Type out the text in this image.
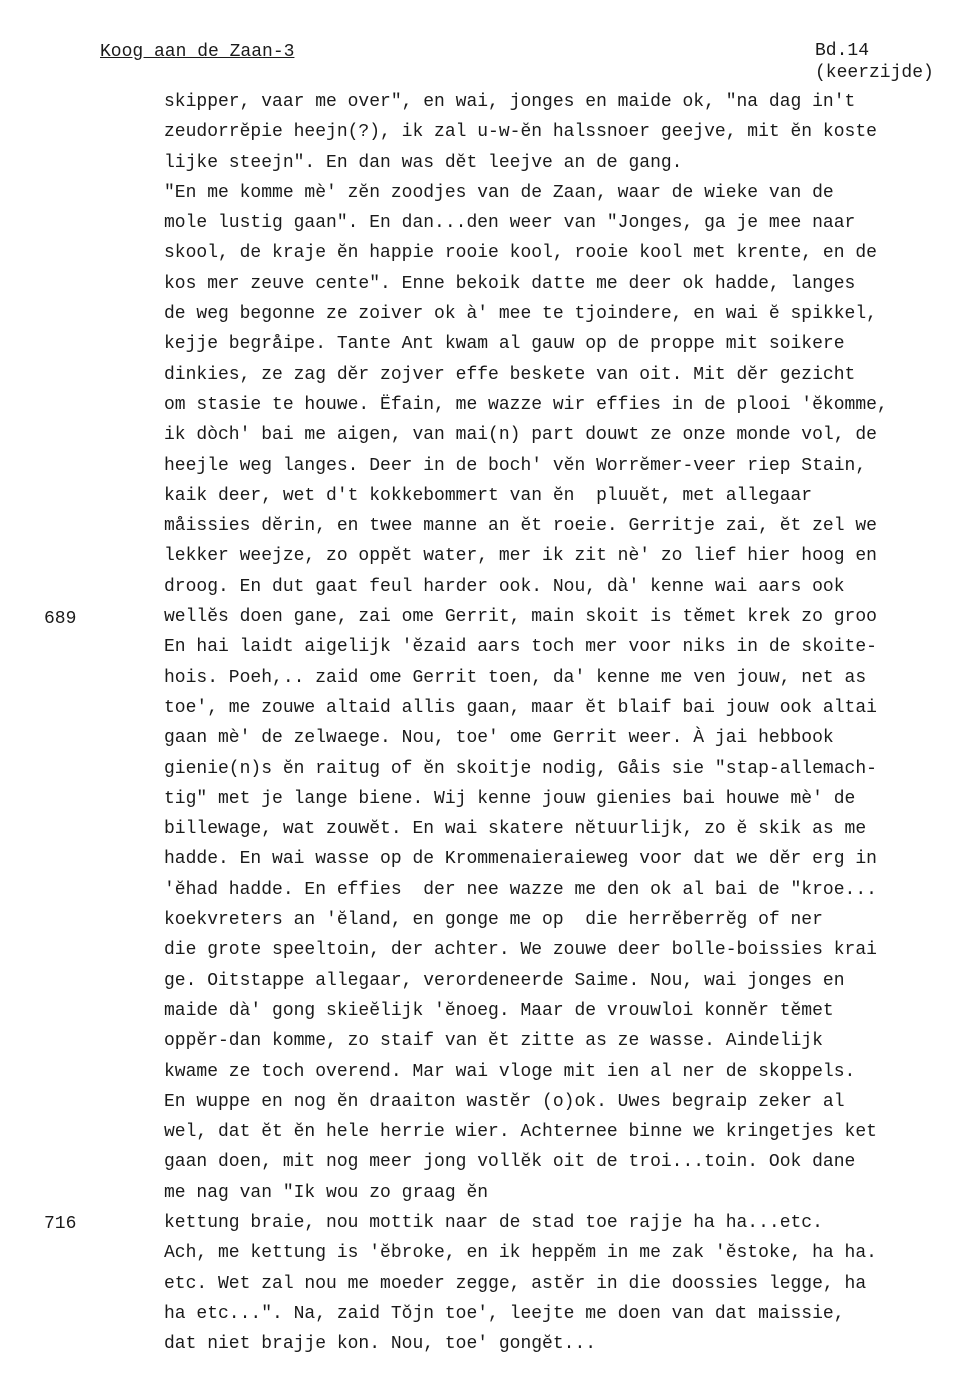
Koog aan de Zaan-3	Bd.14
(keerzijde)
689
716
skipper, vaar me over", en wai, jonges en maide ok, "na dag in't
zeudorrĕpie heejn(?), ik zal u-w-ĕn halssnoer geejve, mit ĕn koste
lijke steejn". En dan was dĕt leejve an de gang.
"En me komme mè' zĕn zoodjes van de Zaan, waar de wieke van de
mole lustig gaan". En dan...den weer van "Jonges, ga je mee naar
skool, de kraje ĕn happie rooie kool, rooie kool met krente, en de
kos mer zeuve cente". Enne bekoik datte me deer ok hadde, langes
de weg begonne ze zoiver ok à' mee te tjoindere, en wai ĕ spikkel,
kejje begråipe. Tante Ant kwam al gauw op de proppe mit soikere
dinkies, ze zag dĕr zojver effe beskete van oit. Mit dĕr gezicht
om stasie te houwe. Ëfain, me wazze wir effies in de plooi 'ĕkomme,
ik dòch' bai me aigen, van mai(n) part douwt ze onze monde vol, de
heejle weg langes. Deer in de boch' vĕn Worrĕmer-veer riep Stain,
kaik deer, wet d't kokkebommert van ĕn  pluuĕt, met allegaar
måissies dĕrin, en twee manne an ĕt roeie. Gerritje zai, ĕt zel we
lekker weejze, zo oppĕt water, mer ik zit nè' zo lief hier hoog en
droog. En dut gaat feul harder ook. Nou, dà' kenne wai aars ook
wellĕs doen gane, zai ome Gerrit, main skoit is tĕmet krek zo groo
En hai laidt aigelijk 'ĕzaid aars toch mer voor niks in de skoite-
hois. Poeh,.. zaid ome Gerrit toen, da' kenne me ven jouw, net as
toe', me zouwe altaid allis gaan, maar ĕt blaif bai jouw ook altai
gaan mè' de zelwaege. Nou, toe' ome Gerrit weer. À jai hebbook
gienie(n)s ĕn raitug of ĕn skoitje nodig, Gåis sie "stap-allemach-
tig" met je lange biene. Wij kenne jouw gienies bai houwe mè' de
billewage, wat zouwĕt. En wai skatere nĕtuurlijk, zo ĕ skik as me
hadde. En wai wasse op de Krommenaieraieweg voor dat we dĕr erg in
'ĕhad hadde. En effies  der nee wazze me den ok al bai de "kroe...
koekvreters an 'ĕland, en gonge me op  die herrĕberrĕg of ner
die grote speeltoin, der achter. We zouwe deer bolle-boissies krai
ge. Oitstappe allegaar, verordeneerde Saime. Nou, wai jonges en
maide dà' gong skieĕlijk 'ĕnoeg. Maar de vrouwloi konnĕr tĕmet
oppĕr-dan komme, zo staif van ĕt zitte as ze wasse. Aindelijk
kwame ze toch overend. Mar wai vloge mit ien al ner de skoppels.
En wuppe en nog ĕn draaiton wastĕr (o)ok. Uwes begraip zeker al
wel, dat ĕt ĕn hele herrie wier. Achternee binne we kringetjes ket
gaan doen, mit nog meer jong vollĕk oit de troi...toin. Ook dane
me nag van "Ik wou zo graag ĕn
kettung braie, nou mottik naar de stad toe rajje ha ha...etc.
Ach, me kettung is 'ĕbroke, en ik heppĕm in me zak 'ĕstoke, ha ha.
etc. Wet zal nou me moeder zegge, astĕr in die doossies legge, ha
ha etc...". Na, zaid Tŏjn toe', leejte me doen van dat maissie,
dat niet brajje kon. Nou, toe' gongĕt...
